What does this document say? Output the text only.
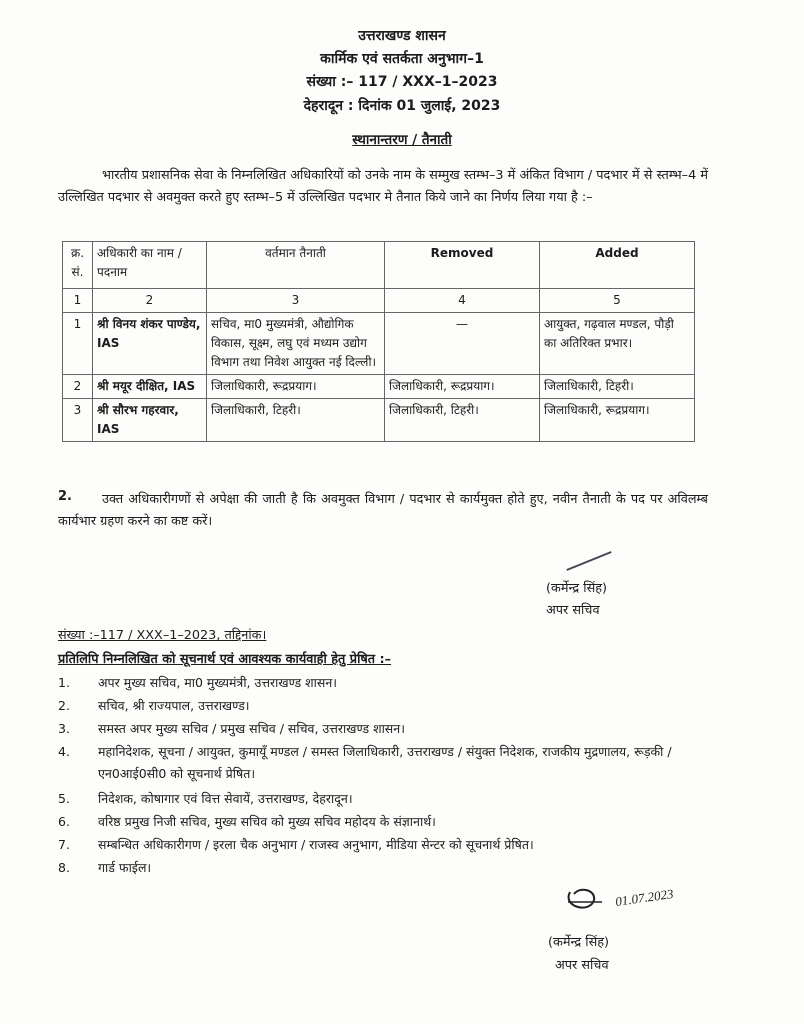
उत्तराखण्ड शासन
कार्मिक एवं सतर्कता अनुभाग–1
संख्या :– 117 / XXX–1–2023
देहरादून : दिनांक 01 जुलाई, 2023
स्थानान्तरण / तैनाती
भारतीय प्रशासनिक सेवा के निम्नलिखित अधिकारियों को उनके नाम के सम्मुख स्तम्भ–3 में अंकित विभाग / पदभार में से स्तम्भ–4 में उल्लिखित पदभार से अवमुक्त करते हुए स्तम्भ–5 में उल्लिखित पदभार मे तैनात किये जाने का निर्णय लिया गया है :–
क्र. सं.	अधिकारी का नाम / पदनाम	वर्तमान तैनाती	Removed	Added
1	2	3	4	5
1	श्री विनय शंकर पाण्डेय, IAS	सचिव, मा0 मुख्यमंत्री, औद्योगिक विकास, सूक्ष्म, लघु एवं मध्यम उद्योग विभाग तथा निवेश आयुक्त नई दिल्ली।	—	आयुक्त, गढ़वाल मण्डल, पौड़ी का अतिरिक्त प्रभार।
2	श्री मयूर दीक्षित, IAS	जिलाधिकारी, रूद्रप्रयाग।	जिलाधिकारी, रूद्रप्रयाग।	जिलाधिकारी, टिहरी।
3	श्री सौरभ गहरवार, IAS	जिलाधिकारी, टिहरी।	जिलाधिकारी, टिहरी।	जिलाधिकारी, रूद्रप्रयाग।
2.	उक्त अधिकारीगणों से अपेक्षा की जाती है कि अवमुक्त विभाग / पदभार से कार्यमुक्त होते हुए, नवीन तैनाती के पद पर अविलम्ब कार्यभार ग्रहण करने का कष्ट करें।
(कर्मेन्द्र सिंह)
अपर सचिव
संख्या :–117 / XXX–1–2023, तद्दिनांक।
प्रतिलिपि निम्नलिखित को सूचनार्थ एवं आवश्यक कार्यवाही हेतु प्रेषित :–
1.	अपर मुख्य सचिव, मा0 मुख्यमंत्री, उत्तराखण्ड शासन।
2.	सचिव, श्री राज्यपाल, उत्तराखण्ड।
3.	समस्त अपर मुख्य सचिव / प्रमुख सचिव / सचिव, उत्तराखण्ड शासन।
4.	महानिदेशक, सूचना / आयुक्त, कुमायूँ मण्डल / समस्त जिलाधिकारी, उत्तराखण्ड / संयुक्त निदेशक, राजकीय मुद्रणालय, रूड़की / एन0आई0सी0 को सूचनार्थ प्रेषित।
5.	निदेशक, कोषागार एवं वित्त सेवायें, उत्तराखण्ड, देहरादून।
6.	वरिष्ठ प्रमुख निजी सचिव, मुख्य सचिव को मुख्य सचिव महोदय के संज्ञानार्थ।
7.	सम्बन्धित अधिकारीगण / इरला चैक अनुभाग / राजस्व अनुभाग, मीडिया सेन्टर को सूचनार्थ प्रेषित।
8.	गार्ड फाईल।
01.07.2023
(कर्मेन्द्र सिंह)
अपर सचिव
